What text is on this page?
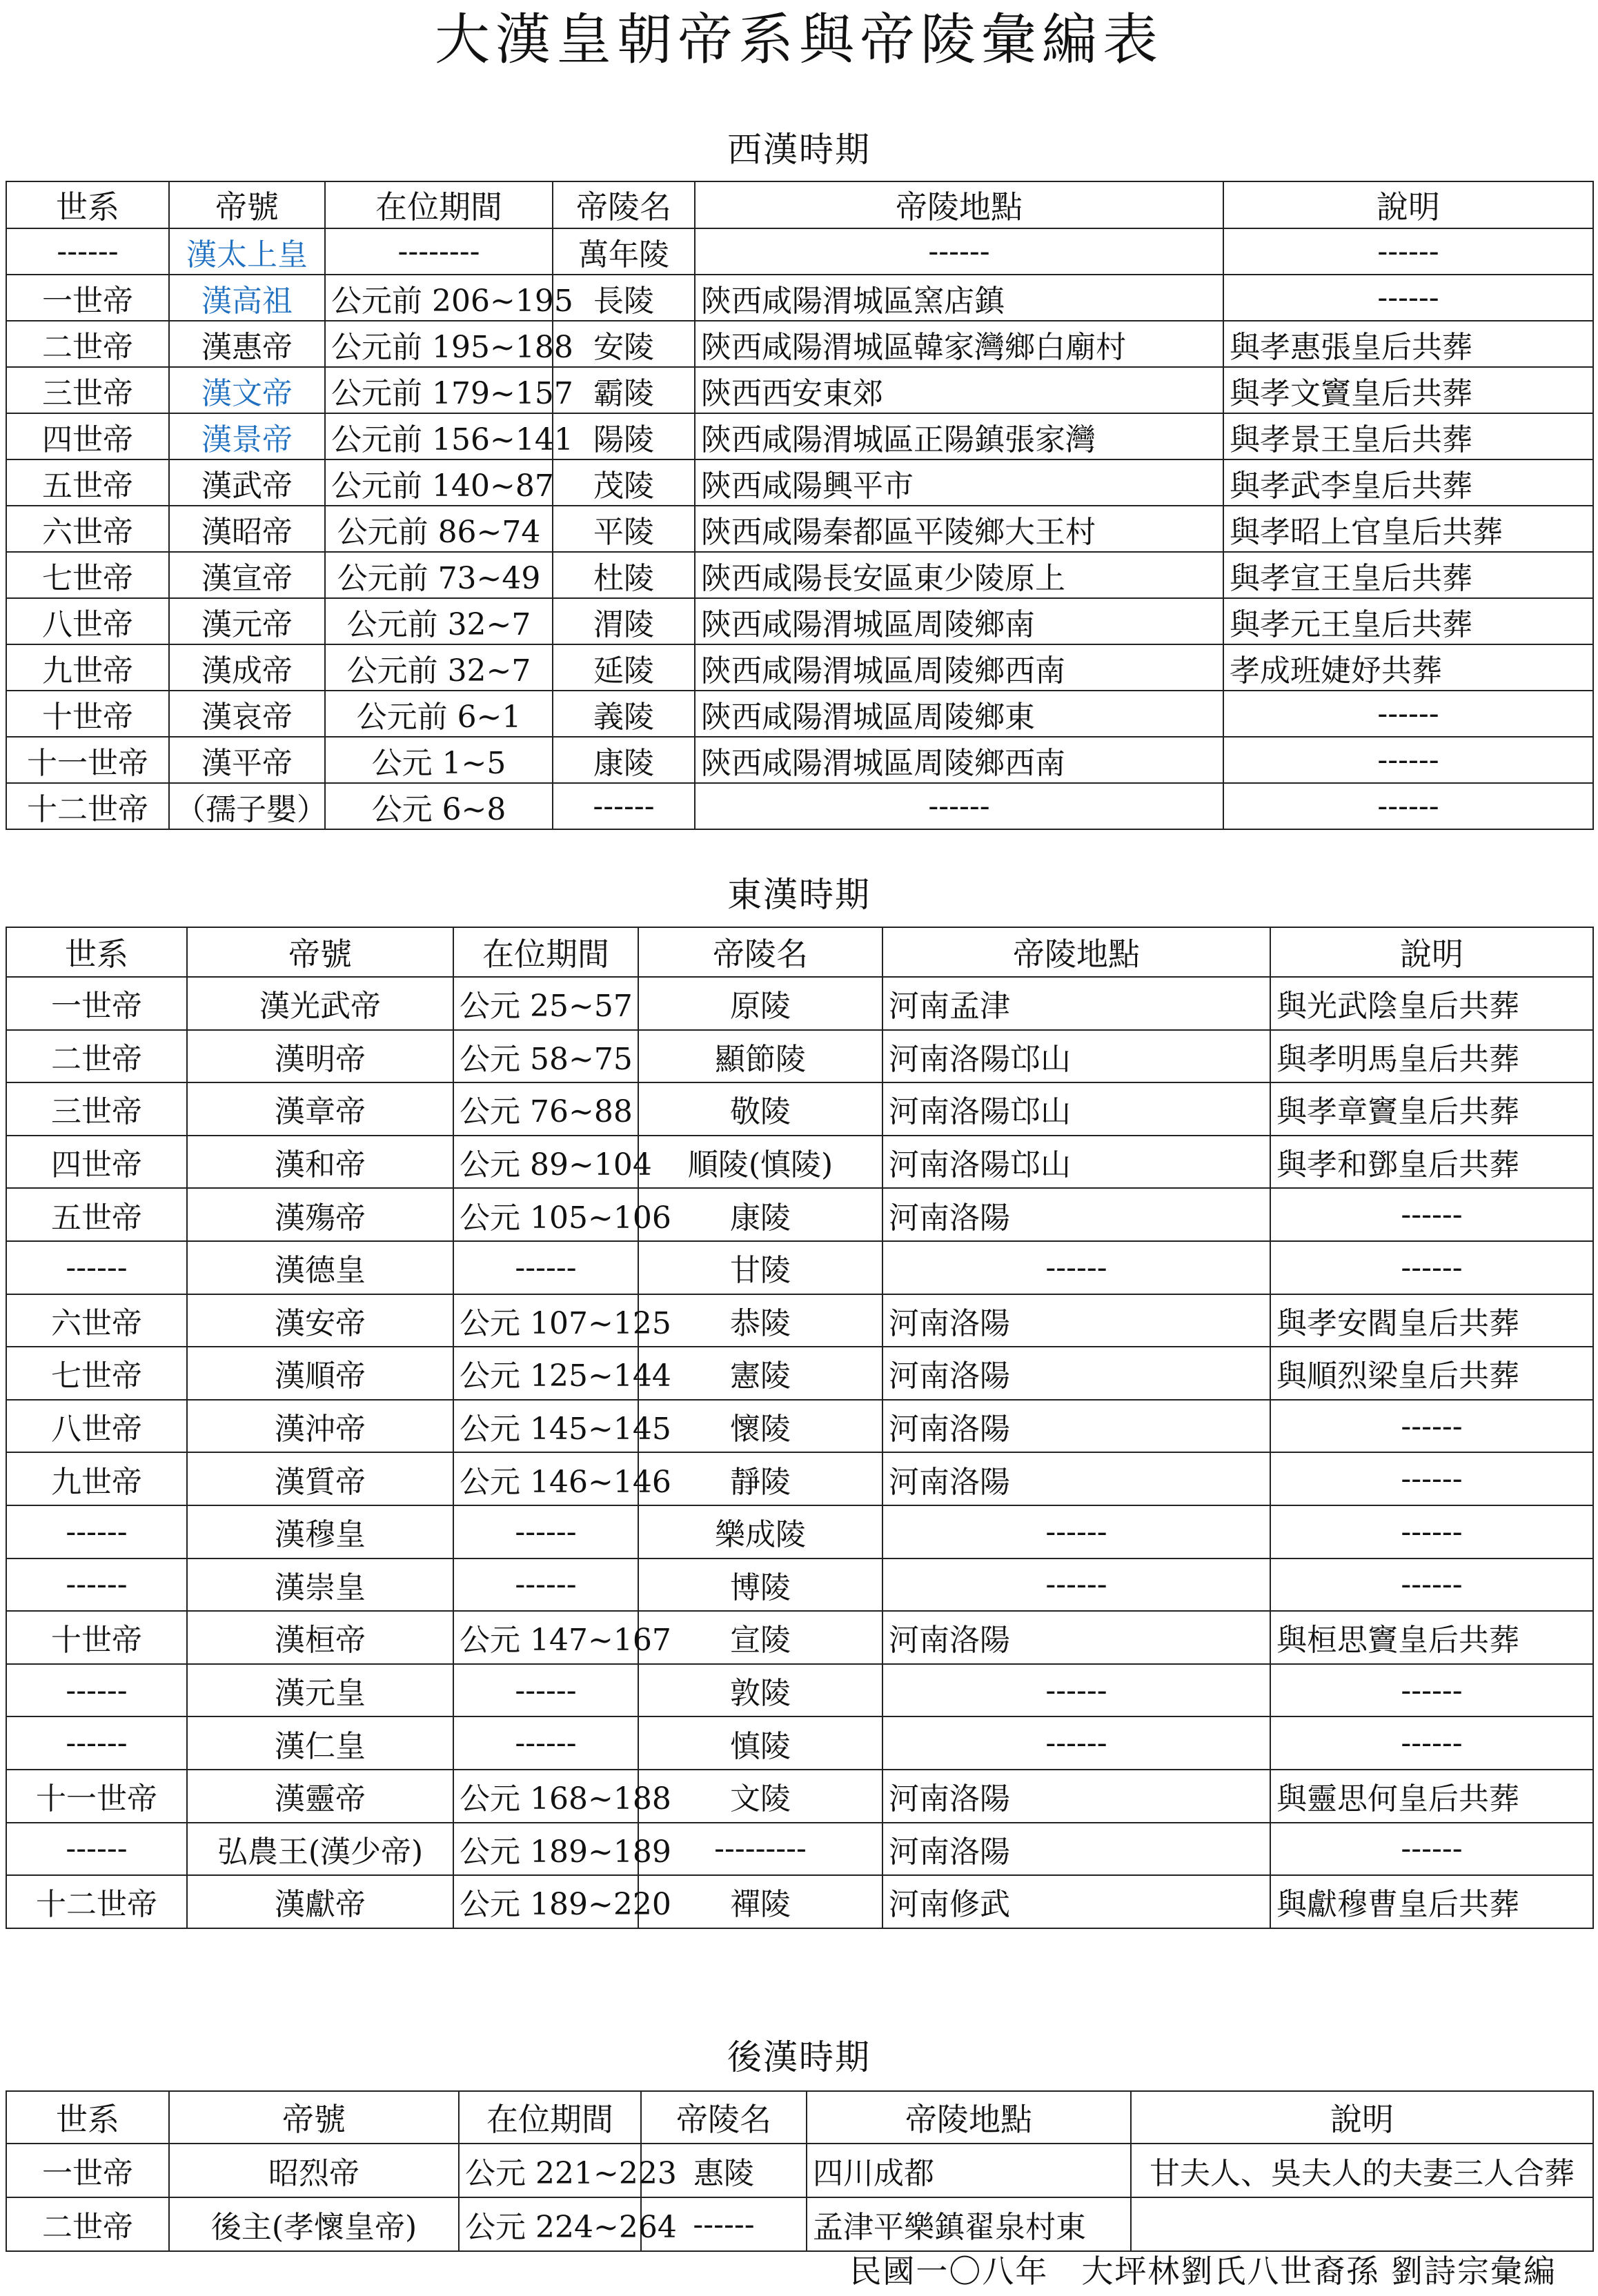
大漢皇朝帝系與帝陵彙編表
西漢時期
世系	帝號	在位期間	帝陵名	帝陵地點	說明
------	漢太上皇	--------	萬年陵	------	------
一世帝	漢高祖	公元前 206~195	長陵	陝西咸陽渭城區窯店鎮	------
二世帝	漢惠帝	公元前 195~188	安陵	陝西咸陽渭城區韓家灣鄉白廟村	與孝惠張皇后共葬
三世帝	漢文帝	公元前 179~157	霸陵	陝西西安東郊	與孝文竇皇后共葬
四世帝	漢景帝	公元前 156~141	陽陵	陝西咸陽渭城區正陽鎮張家灣	與孝景王皇后共葬
五世帝	漢武帝	公元前 140~87	茂陵	陝西咸陽興平市	與孝武李皇后共葬
六世帝	漢昭帝	公元前 86~74	平陵	陝西咸陽秦都區平陵鄉大王村	與孝昭上官皇后共葬
七世帝	漢宣帝	公元前 73~49	杜陵	陝西咸陽長安區東少陵原上	與孝宣王皇后共葬
八世帝	漢元帝	公元前 32~7	渭陵	陝西咸陽渭城區周陵鄉南	與孝元王皇后共葬
九世帝	漢成帝	公元前 32~7	延陵	陝西咸陽渭城區周陵鄉西南	孝成班婕妤共葬
十世帝	漢哀帝	公元前 6~1	義陵	陝西咸陽渭城區周陵鄉東	------
十一世帝	漢平帝	公元 1~5	康陵	陝西咸陽渭城區周陵鄉西南	------
十二世帝	（孺子嬰）	公元 6~8	------	------	------
東漢時期
世系	帝號	在位期間	帝陵名	帝陵地點	說明
一世帝	漢光武帝	公元 25~57	原陵	河南孟津	與光武陰皇后共葬
二世帝	漢明帝	公元 58~75	顯節陵	河南洛陽邙山	與孝明馬皇后共葬
三世帝	漢章帝	公元 76~88	敬陵	河南洛陽邙山	與孝章竇皇后共葬
四世帝	漢和帝	公元 89~104	順陵(慎陵)	河南洛陽邙山	與孝和鄧皇后共葬
五世帝	漢殤帝	公元 105~106	康陵	河南洛陽	------
------	漢德皇	------	甘陵	------	------
六世帝	漢安帝	公元 107~125	恭陵	河南洛陽	與孝安閻皇后共葬
七世帝	漢順帝	公元 125~144	憲陵	河南洛陽	與順烈梁皇后共葬
八世帝	漢沖帝	公元 145~145	懷陵	河南洛陽	------
九世帝	漢質帝	公元 146~146	靜陵	河南洛陽	------
------	漢穆皇	------	樂成陵	------	------
------	漢崇皇	------	博陵	------	------
十世帝	漢桓帝	公元 147~167	宣陵	河南洛陽	與桓思竇皇后共葬
------	漢元皇	------	敦陵	------	------
------	漢仁皇	------	慎陵	------	------
十一世帝	漢靈帝	公元 168~188	文陵	河南洛陽	與靈思何皇后共葬
------	弘農王(漢少帝)	公元 189~189	---------	河南洛陽	------
十二世帝	漢獻帝	公元 189~220	禪陵	河南修武	與獻穆曹皇后共葬
後漢時期
世系	帝號	在位期間	帝陵名	帝陵地點	說明
一世帝	昭烈帝	公元 221~223	惠陵	四川成都	甘夫人、吳夫人的夫妻三人合葬
二世帝	後主(孝懷皇帝)	公元 224~264	------	孟津平樂鎮翟泉村東	
民國一〇八年　大坪林劉氏八世裔孫 劉詩宗彙編
